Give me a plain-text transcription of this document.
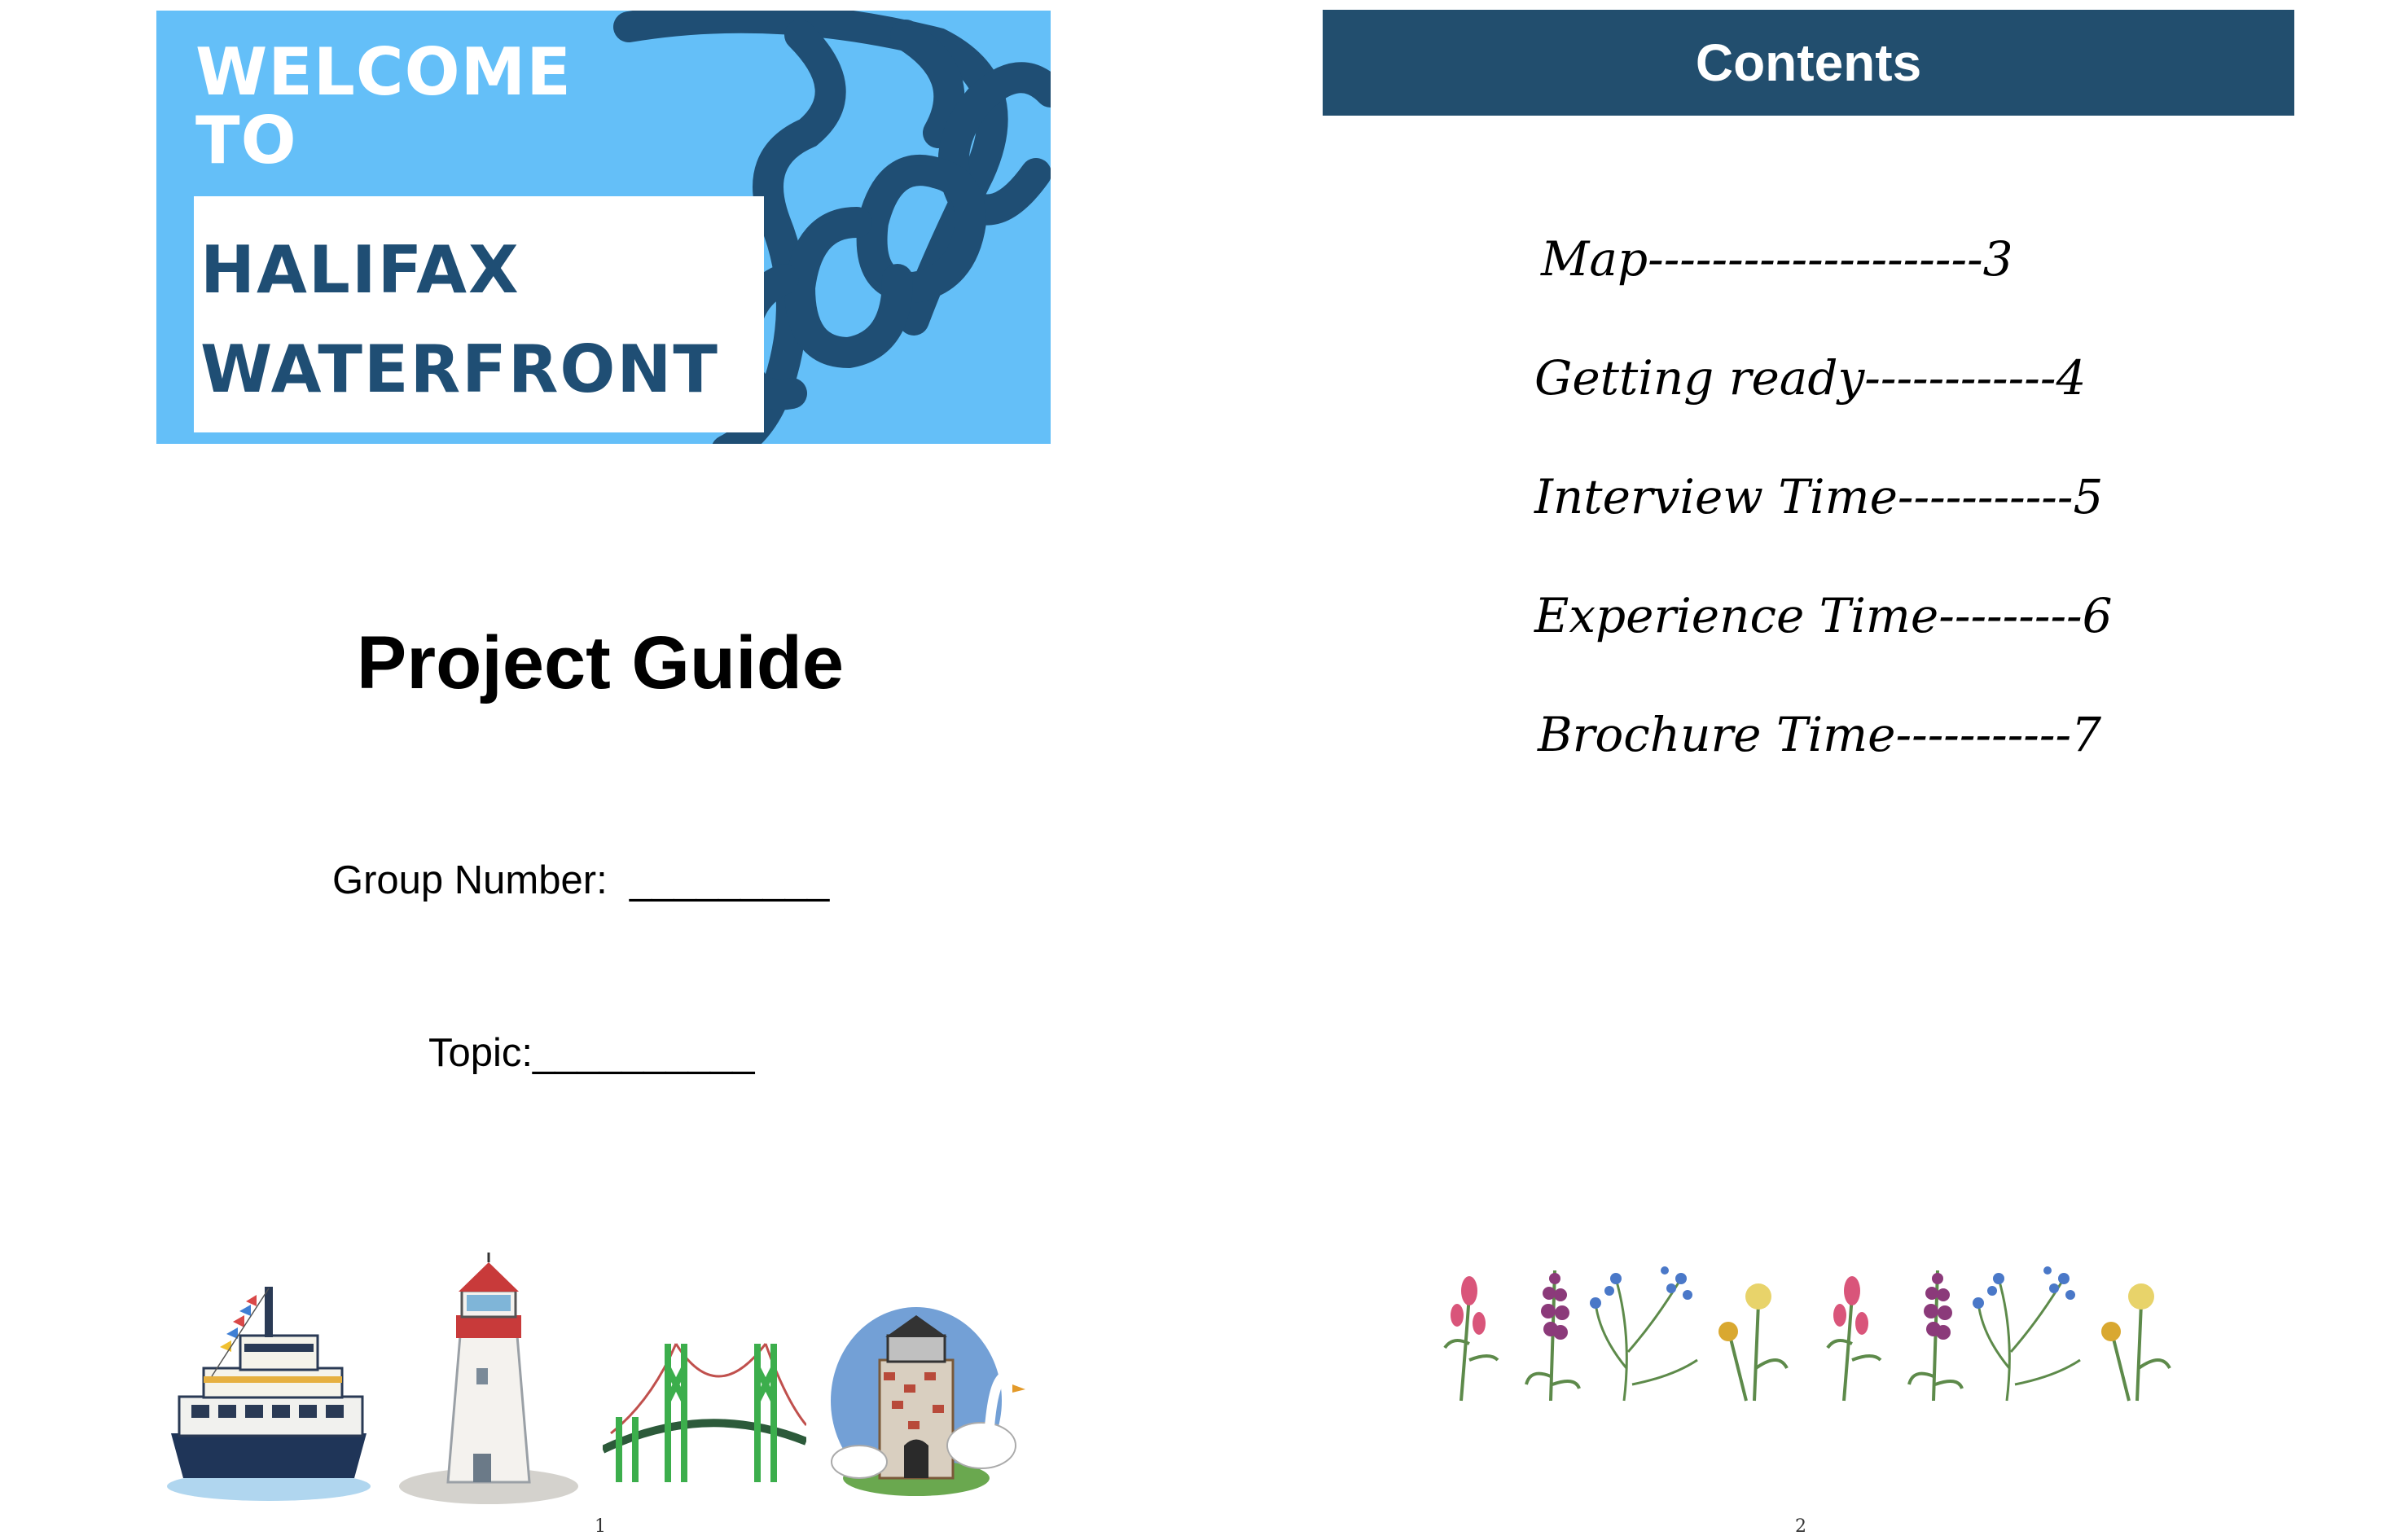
WELCOME
TO
HALIFAX
WATERFRONT
Project Guide
Group Number: _________
Topic:__________
1
Contents
Map---------------------3
Getting ready------------4
Interview Time-----------5
Experience Time---------6
Brochure Time-----------7
2
